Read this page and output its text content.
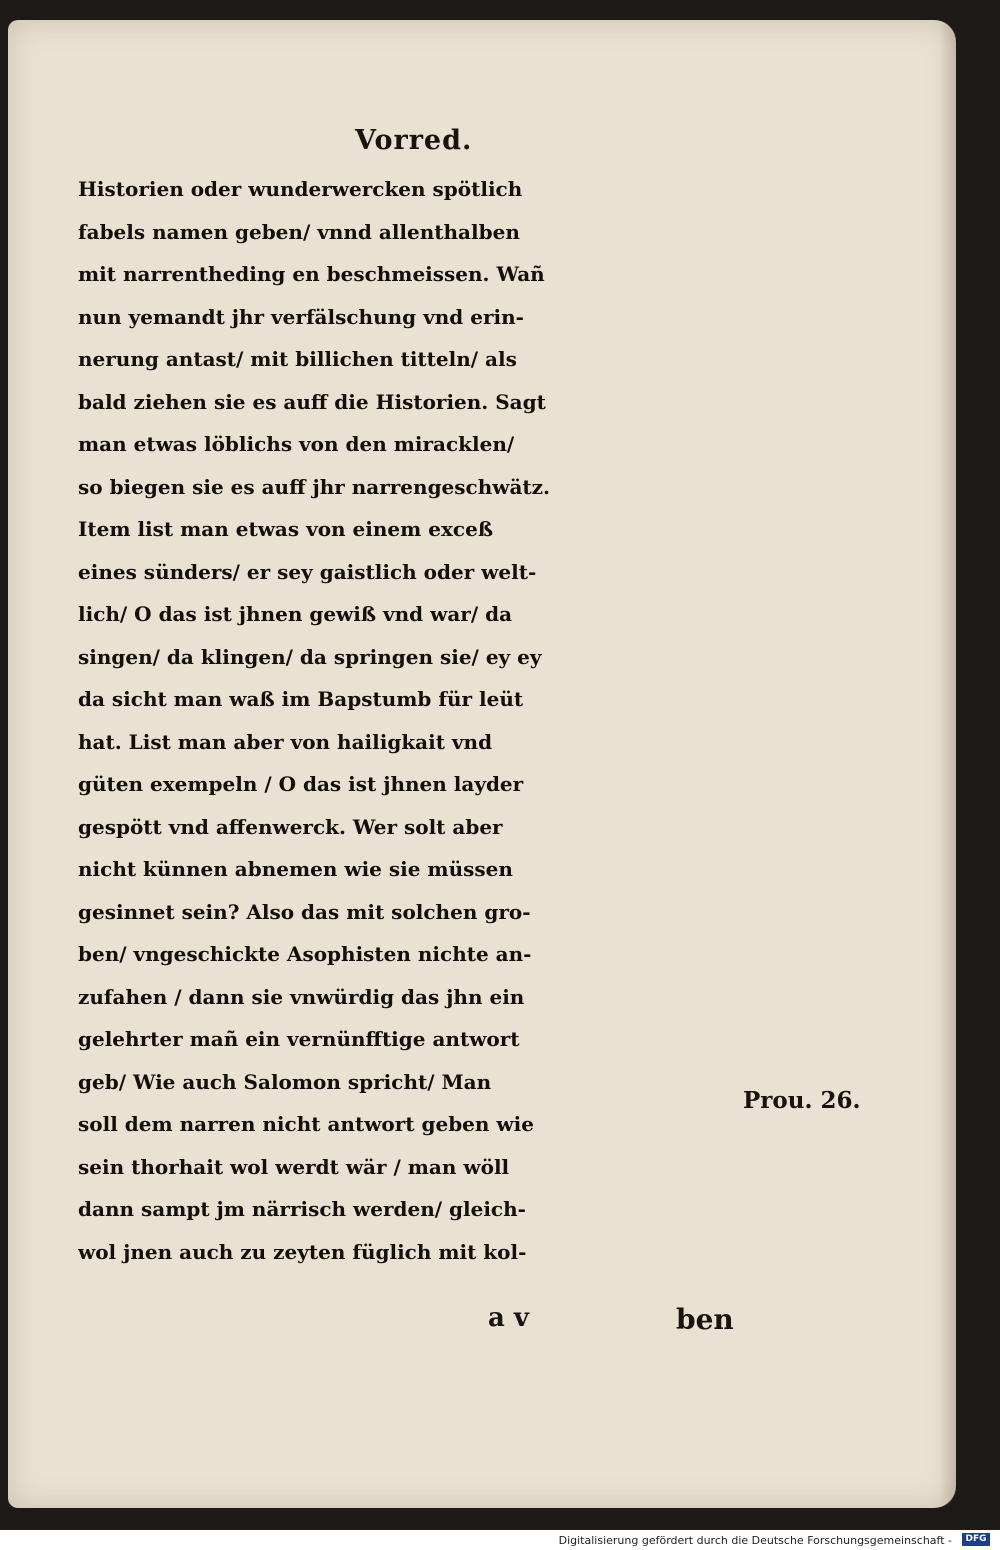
Vorred.
Historien oder wunderwercken spötlich
fabels namen geben/ vnnd allenthalben
mit narrentheding en beschmeissen. Wañ
nun yemandt jhr verfälschung vnd erin-
nerung antast/ mit billichen titteln/ als
bald ziehen sie es auff die Historien. Sagt
man etwas löblichs von den miracklen/
so biegen sie es auff jhr narrengeschwätz.
Item list man etwas von einem exceß
eines sünders/ er sey gaistlich oder welt-
lich/ O das ist jhnen gewiß vnd war/ da
singen/ da klingen/ da springen sie/ ey ey
da sicht man waß im Bapstumb für leüt
hat. List man aber von hailigkait vnd
güten exempeln / O das ist jhnen layder
gespött vnd affenwerck. Wer solt aber
nicht künnen abnemen wie sie müssen
gesinnet sein? Also das mit solchen gro-
ben/ vngeschickte Asophisten nichte an-
zufahen / dann sie vnwürdig das jhn ein
gelehrter mañ ein vernünfftige antwort
geb/ Wie auch Salomon spricht/ Man
soll dem narren nicht antwort geben wie
sein thorhait wol werdt wär / man wöll
dann sampt jm närrisch werden/ gleich-
wol jnen auch zu zeyten füglich mit kol-
Prou. 26.
a v	ben
Digitalisierung gefördert durch die Deutsche Forschungsgemeinschaft -	DFG
